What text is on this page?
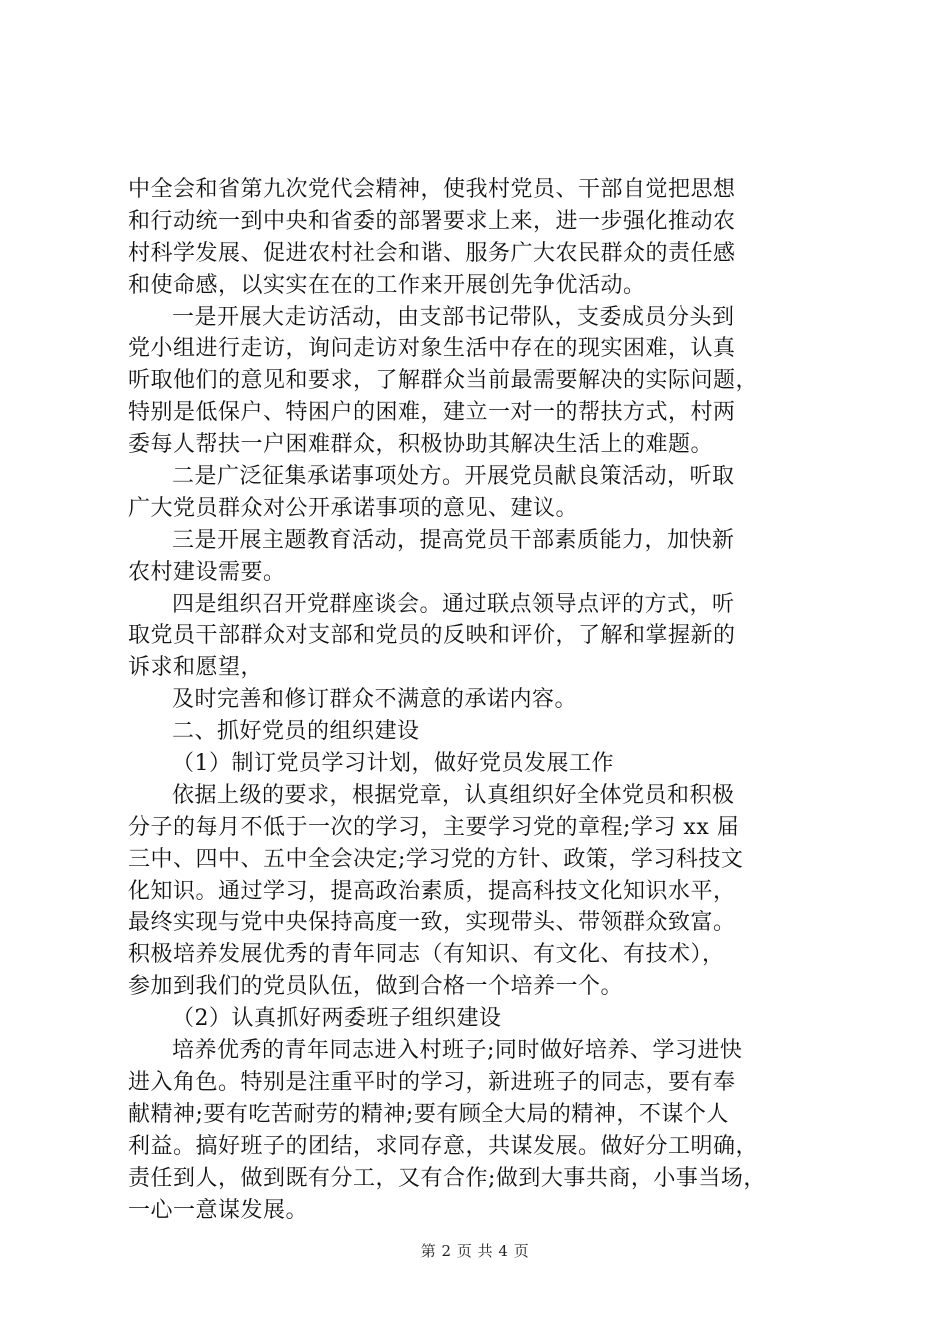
中全会和省第九次党代会精神，使我村党员、干部自觉把思想
和行动统一到中央和省委的部署要求上来，进一步强化推动农
村科学发展、促进农村社会和谐、服务广大农民群众的责任感
和使命感，以实实在在的工作来开展创先争优活动。
一是开展大走访活动，由支部书记带队，支委成员分头到
党小组进行走访，询问走访对象生活中存在的现实困难，认真
听取他们的意见和要求，了解群众当前最需要解决的实际问题，
特别是低保户、特困户的困难，建立一对一的帮扶方式，村两
委每人帮扶一户困难群众，积极协助其解决生活上的难题。
二是广泛征集承诺事项处方。开展党员献良策活动，听取
广大党员群众对公开承诺事项的意见、建议。
三是开展主题教育活动，提高党员干部素质能力，加快新
农村建设需要。
四是组织召开党群座谈会。通过联点领导点评的方式，听
取党员干部群众对支部和党员的反映和评价，了解和掌握新的
诉求和愿望，
及时完善和修订群众不满意的承诺内容。
二、抓好党员的组织建设
（1）制订党员学习计划，做好党员发展工作
依据上级的要求，根据党章，认真组织好全体党员和积极
分子的每月不低于一次的学习，主要学习党的章程;学习 xx 届
三中、四中、五中全会决定;学习党的方针、政策，学习科技文
化知识。通过学习，提高政治素质，提高科技文化知识水平，
最终实现与党中央保持高度一致，实现带头、带领群众致富。
积极培养发展优秀的青年同志（有知识、有文化、有技术），
参加到我们的党员队伍，做到合格一个培养一个。
（2）认真抓好两委班子组织建设
培养优秀的青年同志进入村班子;同时做好培养、学习进快
进入角色。特别是注重平时的学习，新进班子的同志，要有奉
献精神;要有吃苦耐劳的精神;要有顾全大局的精神，不谋个人
利益。搞好班子的团结，求同存意，共谋发展。做好分工明确，
责任到人，做到既有分工，又有合作;做到大事共商，小事当场，
一心一意谋发展。
第 2 页 共 4 页
